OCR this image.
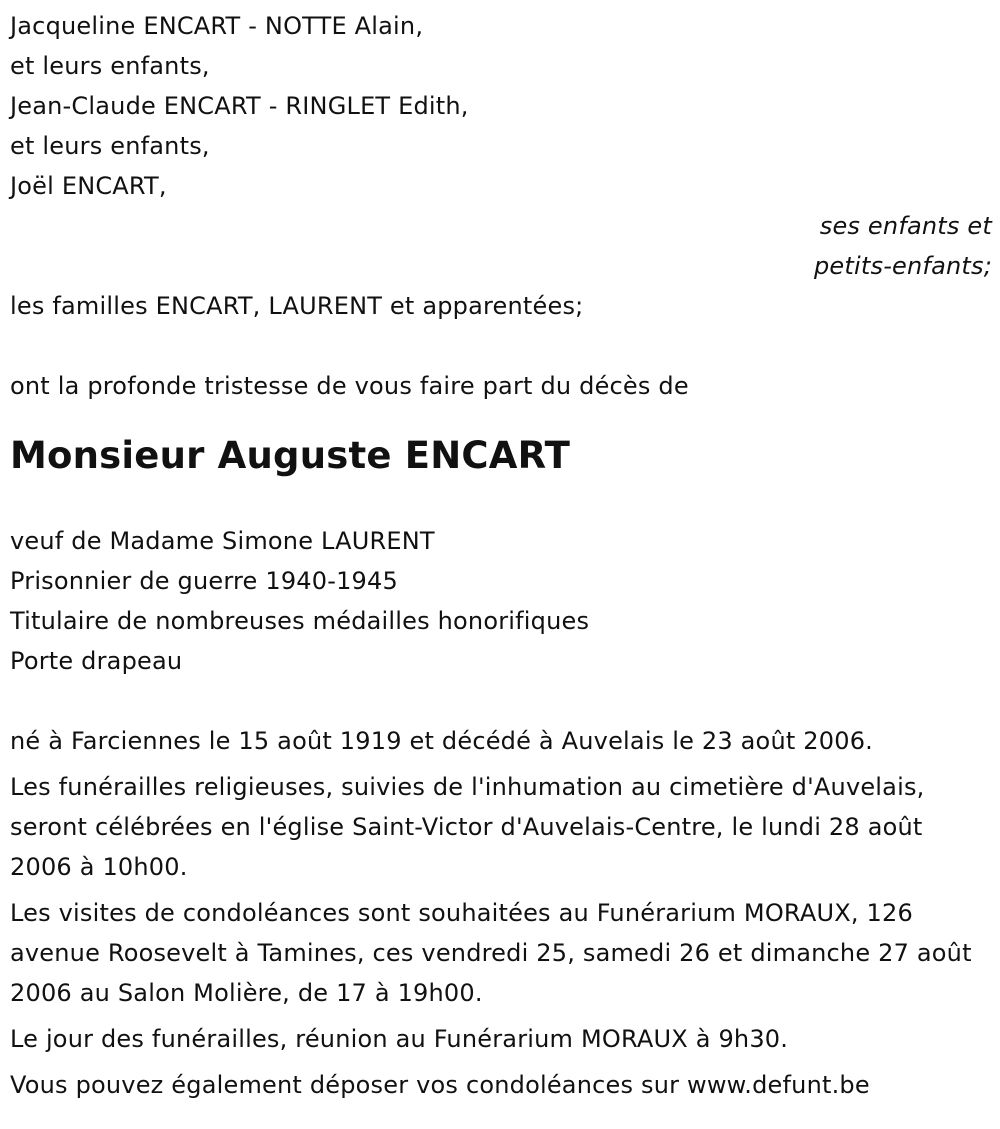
Jacqueline ENCART - NOTTE Alain,
et leurs enfants,
Jean-Claude ENCART - RINGLET Edith,
et leurs enfants,
Joël ENCART,
ses enfants et
petits-enfants;
les familles ENCART, LAURENT et apparentées;
ont la profonde tristesse de vous faire part du décès de
Monsieur Auguste ENCART
veuf de Madame Simone LAURENT
Prisonnier de guerre 1940-1945
Titulaire de nombreuses médailles honorifiques
Porte drapeau
né à Farciennes le 15 août 1919 et décédé à Auvelais le 23 août 2006.
Les funérailles religieuses, suivies de l'inhumation au cimetière d'Auvelais, seront célébrées en l'église Saint-Victor d'Auvelais-Centre, le lundi 28 août 2006 à 10h00.
Les visites de condoléances sont souhaitées au Funérarium MORAUX, 126 avenue Roosevelt à Tamines, ces vendredi 25, samedi 26 et dimanche 27 août 2006 au Salon Molière, de 17 à 19h00.
Le jour des funérailles, réunion au Funérarium MORAUX à 9h30.
Vous pouvez également déposer vos condoléances sur www.defunt.be
